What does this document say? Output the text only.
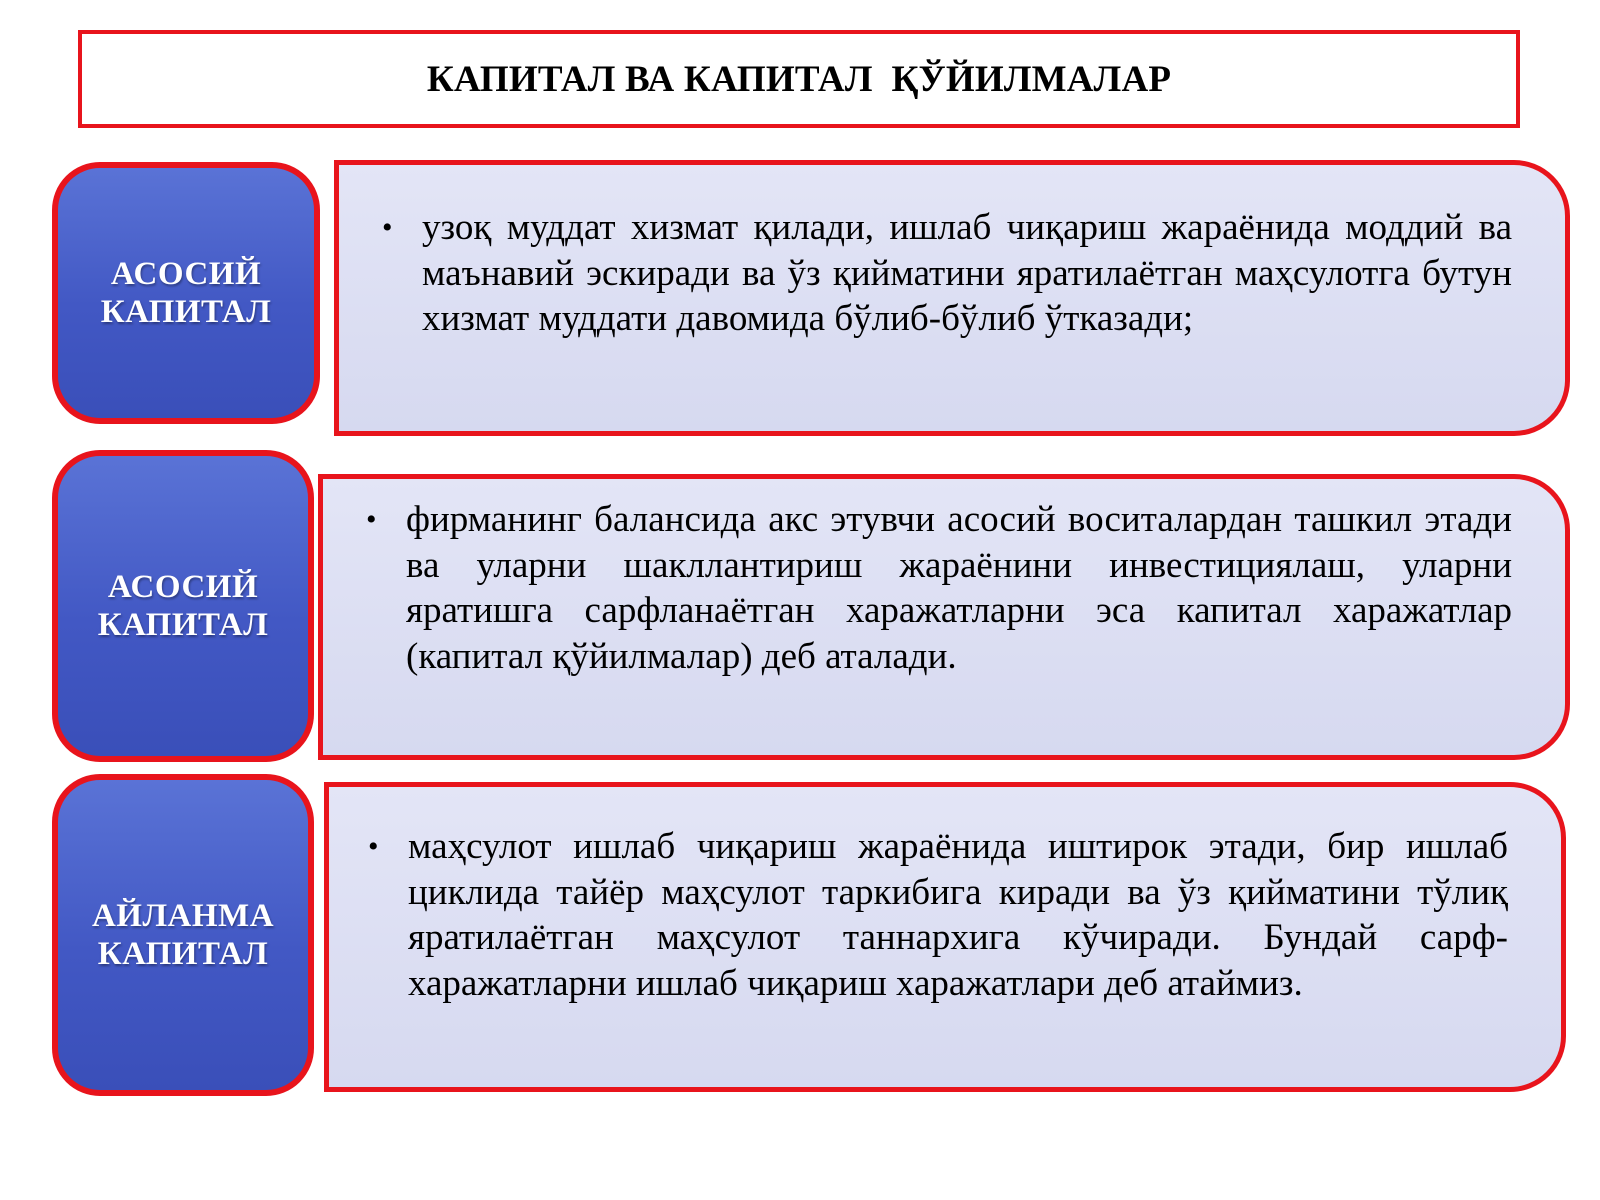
КАПИТАЛ ВА КАПИТАЛ  ҚЎЙИЛМАЛАР
АСОСИЙ
КАПИТАЛ
• узоқ муддат хизмат қилади, ишлаб чиқариш жараёнида моддий ва маънавий эскиради ва ўз қийматини яратилаётган маҳсулотга бутун хизмат муддати давомида бўлиб-бўлиб ўтказади;
АСОСИЙ
КАПИТАЛ
• фирманинг балансида акс этувчи асосий воситалардан ташкил этади ва уларни шакллантириш жараёнини инвестициялаш, уларни яратишга сарфланаётган харажатларни эса капитал харажатлар (капитал қўйилмалар) деб аталади.
АЙЛАНМА
КАПИТАЛ
• маҳсулот ишлаб чиқариш жараёнида иштирок этади, бир ишлаб циклида тайёр маҳсулот таркибига киради ва ўз қийматини тўлиқ яратилаётган маҳсулот таннархига кўчиради. Бундай сарф-харажатларни ишлаб чиқариш харажатлари деб атаймиз.
